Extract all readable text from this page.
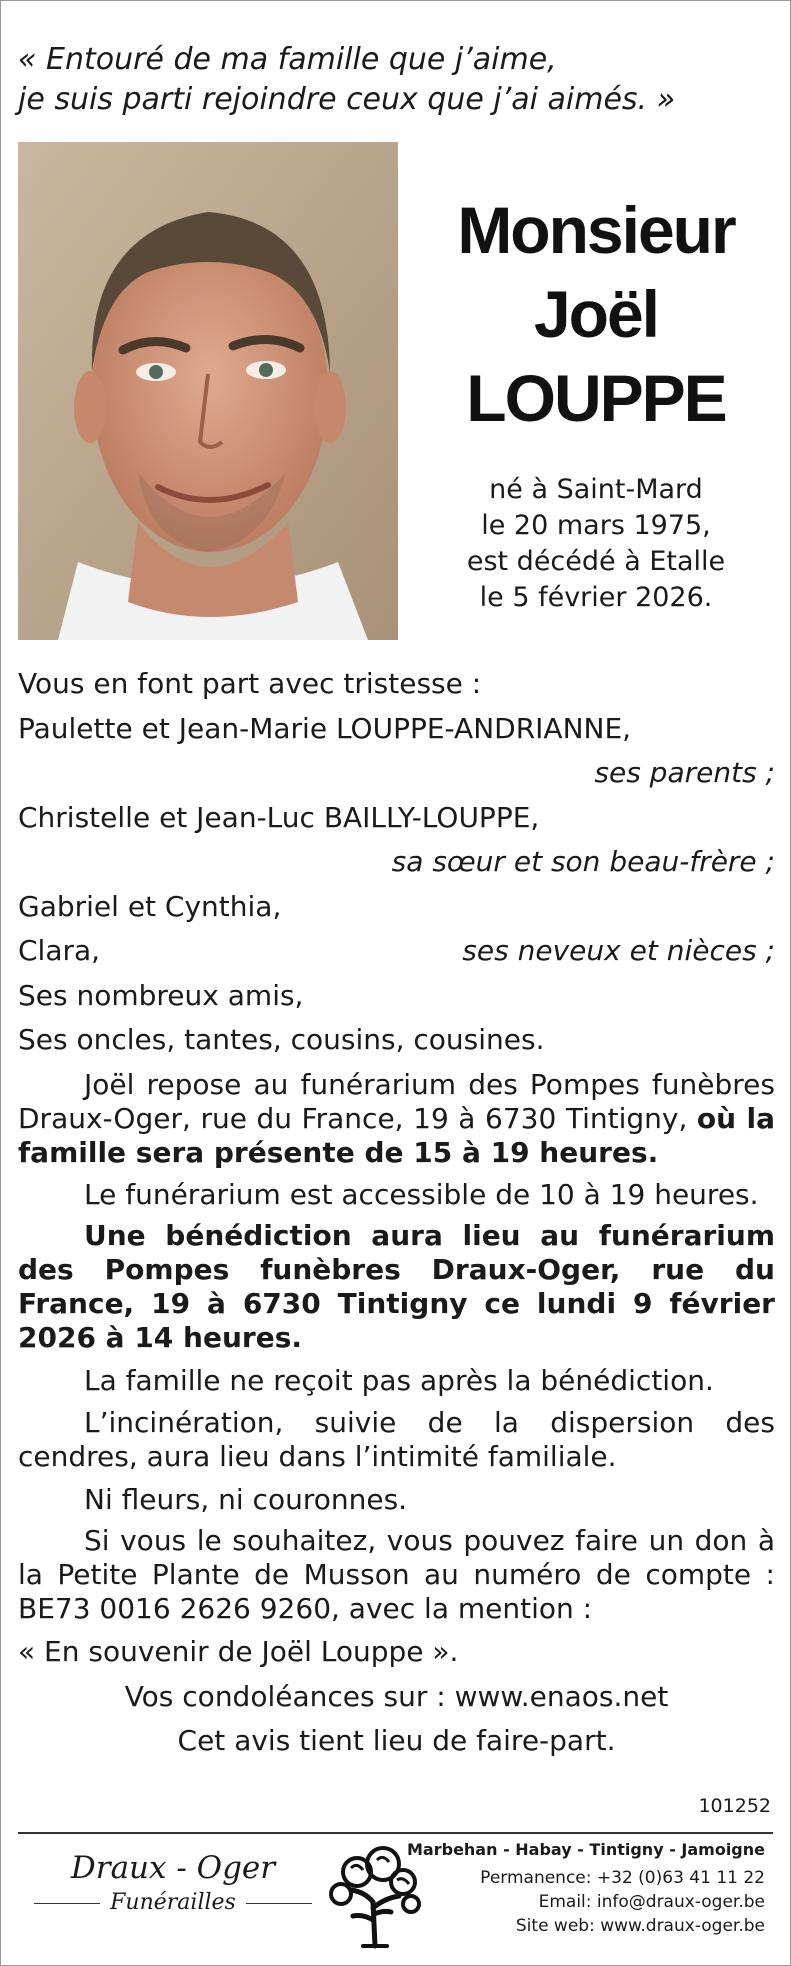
« Entouré de ma famille que j’aime,
je suis parti rejoindre ceux que j’ai aimés. »
Monsieur
Joël
LOUPPE
né à Saint-Mard
le 20 mars 1975,
est décédé à Etalle
le 5 février 2026.

Vous en font part avec tristesse :

Paulette et Jean-Marie LOUPPE-ANDRIANNE,

ses parents ;

Christelle et Jean-Luc BAILLY-LOUPPE,

sa sœur et son beau-frère ;

Gabriel et Cynthia,

Clara,	ses neveux et nièces ;

Ses nombreux amis,

Ses oncles, tantes, cousins, cousines.

Joël repose au funérarium des Pompes funèbres Draux-Oger, rue du France, 19 à 6730 Tintigny, où la famille sera présente de 15 à 19 heures.

Le funérarium est accessible de 10 à 19 heures.

Une bénédiction aura lieu au funérarium des Pompes funèbres Draux-Oger, rue du France, 19 à 6730 Tintigny ce lundi 9 février 2026 à 14 heures.

La famille ne reçoit pas après la bénédiction.

L’incinération, suivie de la dispersion des cendres, aura lieu dans l’intimité familiale.

Ni fleurs, ni couronnes.

Si vous le souhaitez, vous pouvez faire un don à la Petite Plante de Musson au numéro de compte : BE73 0016 2626 9260, avec la mention :

« En souvenir de Joël Louppe ».

Vos condoléances sur : www.enaos.net

Cet avis tient lieu de faire-part.

101252
Draux - Oger
Funérailles
Marbehan - Habay - Tintigny - Jamoigne
Permanence: +32 (0)63 41 11 22
Email: info@draux-oger.be
Site web: www.draux-oger.be
